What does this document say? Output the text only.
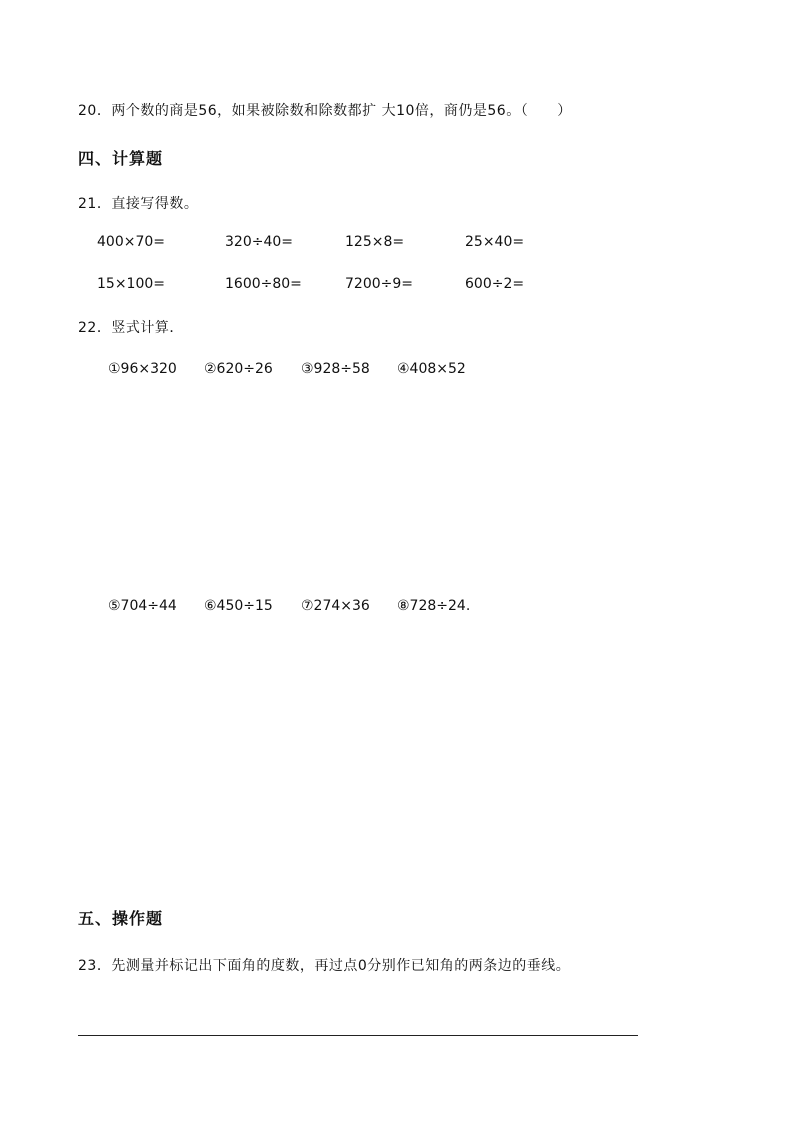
20．两个数的商是56，如果被除数和除数都扩 大10倍，商仍是56。（　　）
四、计算题
21．直接写得数。
400×70=	320÷40=	125×8=	25×40=
15×100=	1600÷80=	7200÷9=	600÷2=
22．竖式计算．
①96×320 ②620÷26 ③928÷58 ④408×52
⑤704÷44 ⑥450÷15 ⑦274×36 ⑧728÷24.
五、操作题
23．先测量并标记出下面角的度数，再过点0分别作已知角的两条边的垂线。
